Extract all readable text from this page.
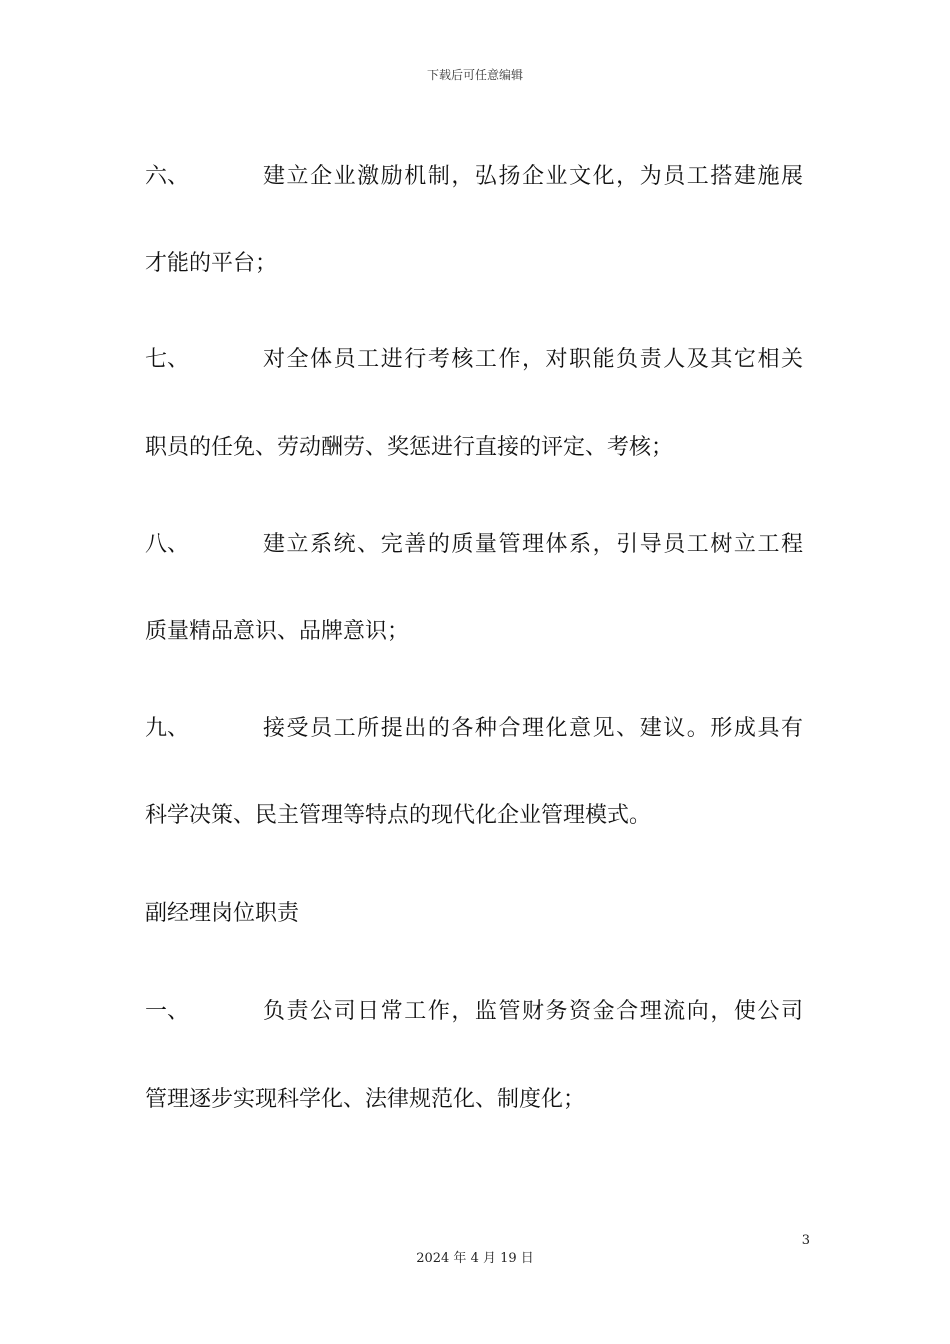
下载后可任意编辑
六、	建立企业激励机制，弘扬企业文化，为员工搭建施展
才能的平台；
七、	对全体员工进行考核工作，对职能负责人及其它相关
职员的任免、劳动酬劳、奖惩进行直接的评定、考核；
八、	建立系统、完善的质量管理体系，引导员工树立工程
质量精品意识、品牌意识；
九、	接受员工所提出的各种合理化意见、建议。形成具有
科学决策、民主管理等特点的现代化企业管理模式。
副经理岗位职责
一、	负责公司日常工作，监管财务资金合理流向，使公司
管理逐步实现科学化、法律规范化、制度化；
3
2024 年 4 月 19 日
